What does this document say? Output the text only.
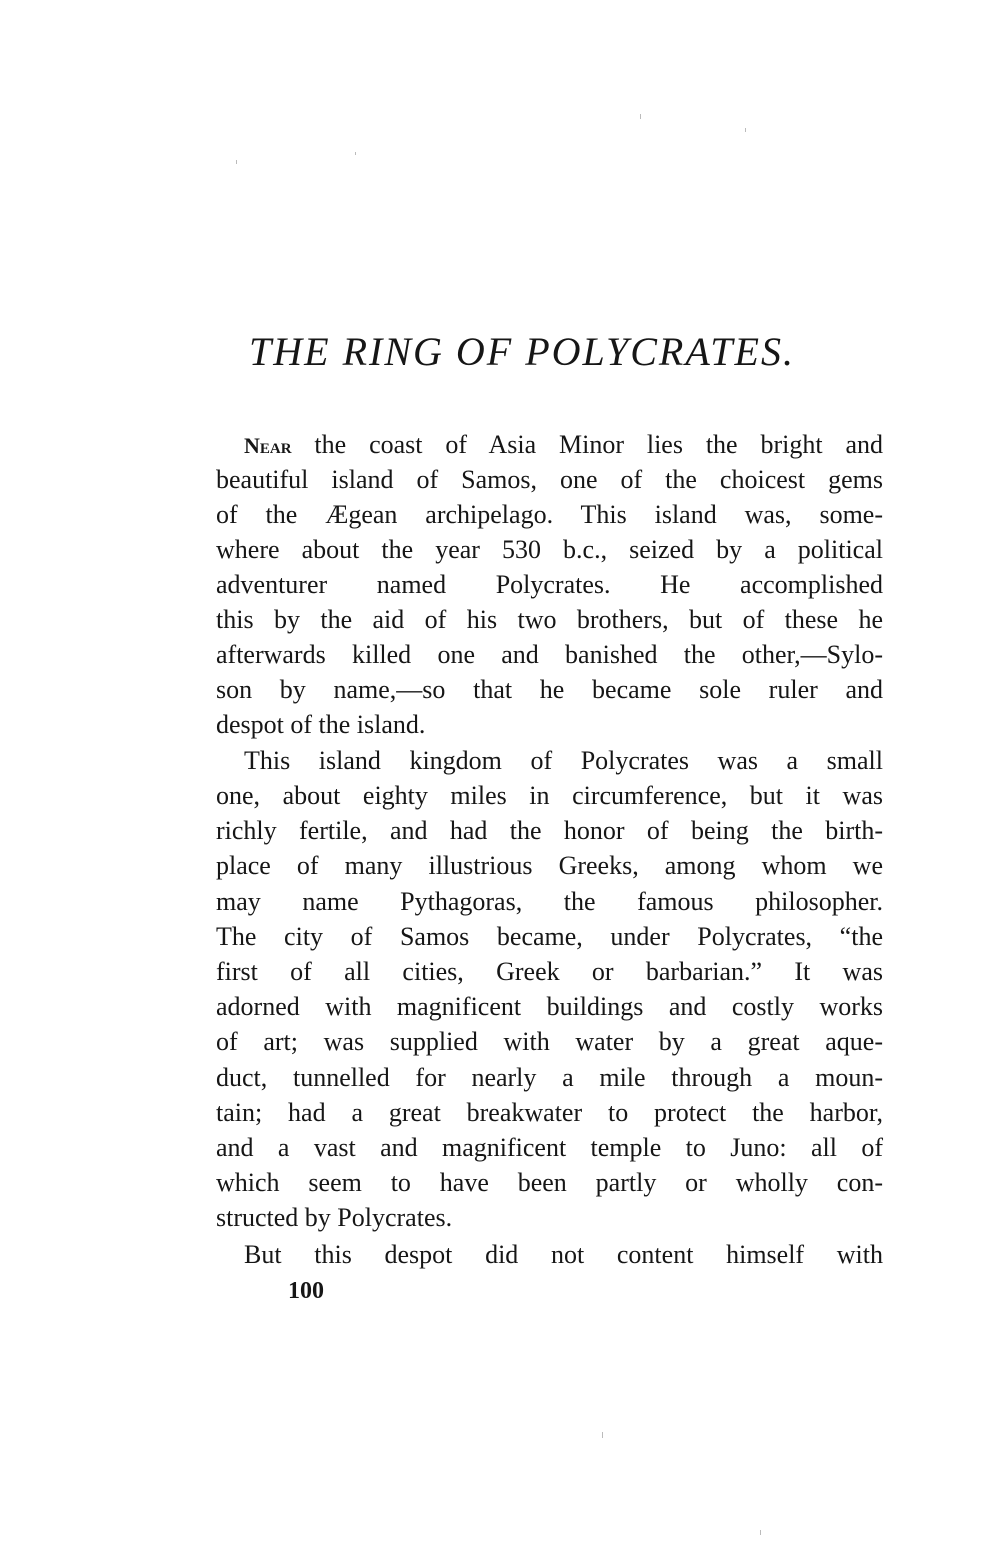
THE RING OF POLYCRATES.
Near the coast of Asia Minor lies the bright and
beautiful island of Samos, one of the choicest gems
of the Ægean archipelago. This island was, some-
where about the year 530 b.c., seized by a political
adventurer named Polycrates. He accomplished
this by the aid of his two brothers, but of these he
afterwards killed one and banished the other,—Sylo-
son by name,—so that he became sole ruler and
despot of the island.
This island kingdom of Polycrates was a small
one, about eighty miles in circumference, but it was
richly fertile, and had the honor of being the birth-
place of many illustrious Greeks, among whom we
may name Pythagoras, the famous philosopher.
The city of Samos became, under Polycrates, “the
first of all cities, Greek or barbarian.” It was
adorned with magnificent buildings and costly works
of art; was supplied with water by a great aque-
duct, tunnelled for nearly a mile through a moun-
tain; had a great breakwater to protect the harbor,
and a vast and magnificent temple to Juno: all of
which seem to have been partly or wholly con-
structed by Polycrates.
But this despot did not content himself with
100
